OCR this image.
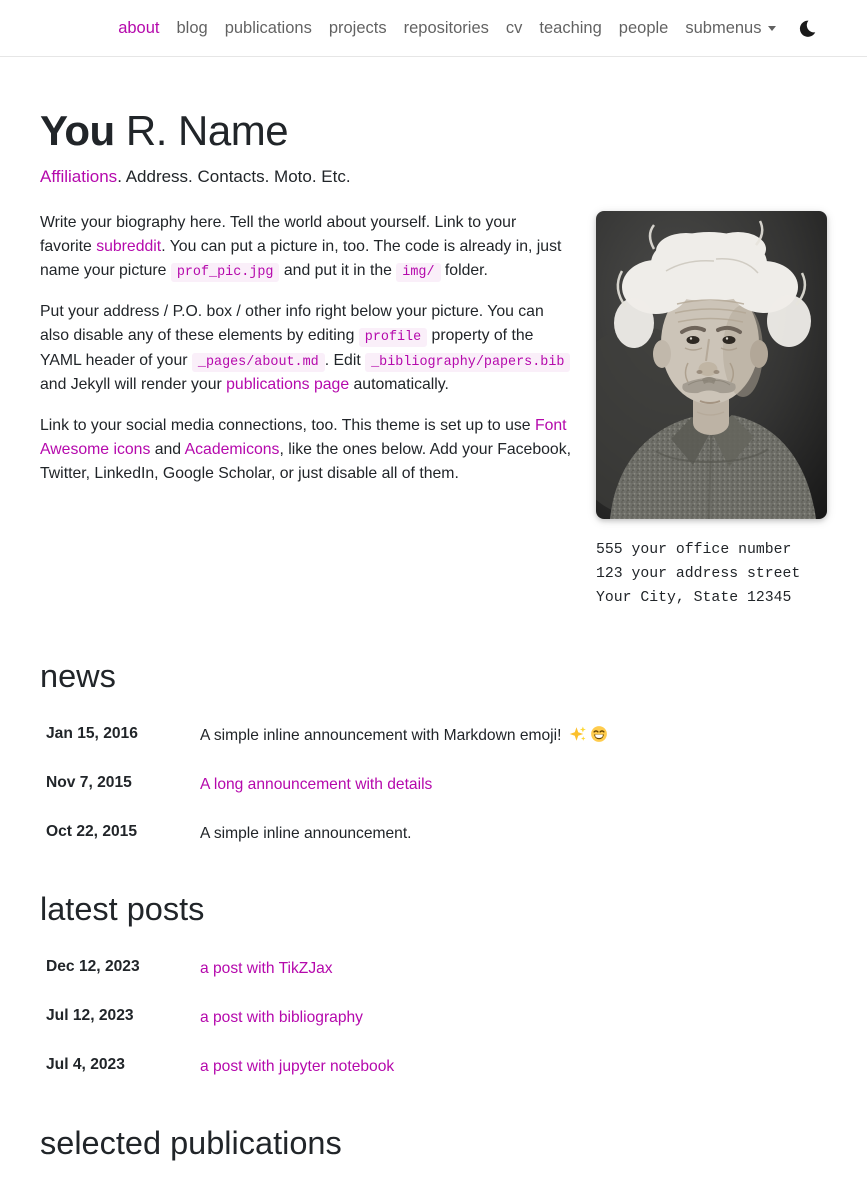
about blog publications projects repositories cv teaching people submenus
You R. Name

Affiliations. Address. Contacts. Moto. Etc.

Write your biography here. Tell the world about yourself. Link to your favorite subreddit. You can put a picture in, too. The code is already in, just name your picture prof_pic.jpg and put it in the img/ folder.

Put your address / P.O. box / other info right below your picture. You can also disable any of these elements by editing profile property of the YAML header of your _pages/about.md . Edit _bibliography/papers.bib and Jekyll will render your publications page automatically.

Link to your social media connections, too. This theme is set up to use Font Awesome icons and Academicons, like the ones below. Add your Facebook, Twitter, LinkedIn, Google Scholar, or just disable all of them.

555 your office number
123 your address street
Your City, State 12345
news
Jan 15, 2016	A simple inline announcement with Markdown emoji!
Nov 7, 2015	A long announcement with details
Oct 22, 2015	A simple inline announcement.
latest posts
Dec 12, 2023	a post with TikZJax
Jul 12, 2023	a post with bibliography
Jul 4, 2023	a post with jupyter notebook
selected publications
